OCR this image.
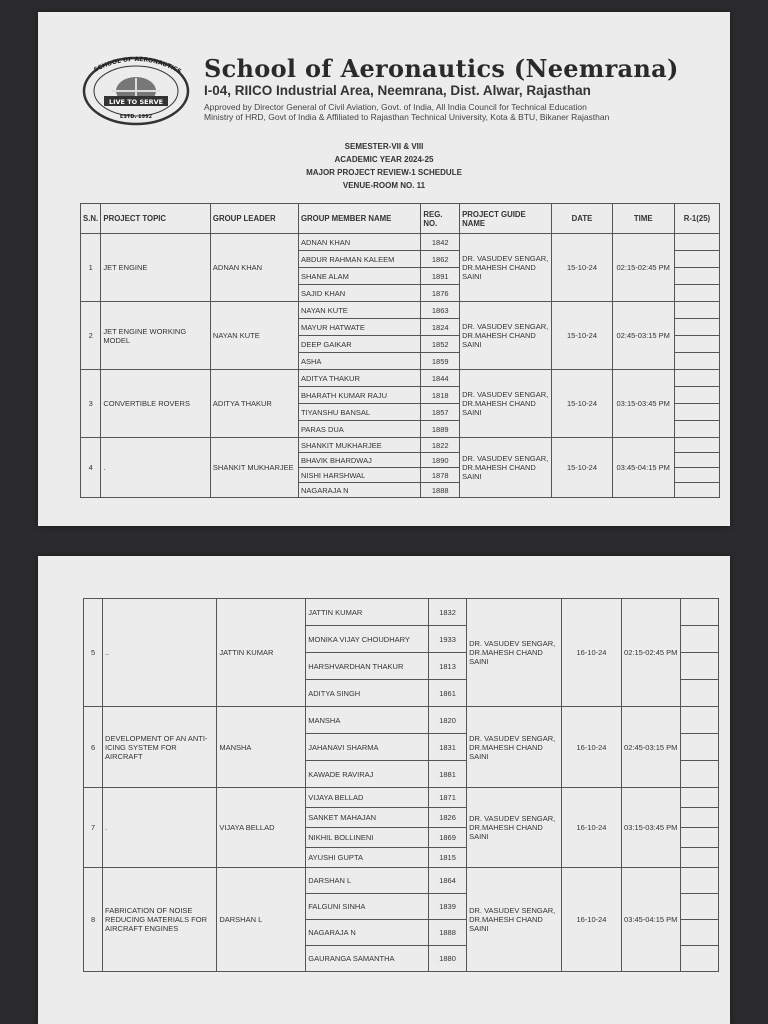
SCHOOL OF AERONAUTICS
LIVE TO SERVE
ESTD. 1992
School of Aeronautics (Neemrana)
I-04, RIICO Industrial Area, Neemrana, Dist. Alwar, Rajasthan
Approved by Director General of Civil Aviation, Govt. of India, All India Council for Technical Education
Ministry of HRD, Govt of India & Affiliated to Rajasthan Technical University, Kota & BTU, Bikaner Rajasthan
SEMESTER-VII & VIII
ACADEMIC YEAR 2024-25
MAJOR PROJECT REVIEW-1 SCHEDULE
VENUE-ROOM NO. 11
S.N.	PROJECT TOPIC	GROUP LEADER	GROUP MEMBER NAME	REG. NO.	PROJECT GUIDE NAME	DATE	TIME	R-1(25)
1	JET ENGINE	ADNAN KHAN	ADNAN KHAN	1842	DR. VASUDEV SENGAR, DR.MAHESH CHAND SAINI	15-10-24	02:15-02:45 PM	
			ABDUR RAHMAN KALEEM	1862				
			SHANE ALAM	1891				
			SAJID KHAN	1876				
2	JET ENGINE WORKING MODEL	NAYAN KUTE	NAYAN KUTE	1863	DR. VASUDEV SENGAR, DR.MAHESH CHAND SAINI	15-10-24	02:45-03:15 PM	
			MAYUR HATWATE	1824				
			DEEP GAIKAR	1852				
			ASHA	1859				
3	CONVERTIBLE ROVERS	ADITYA THAKUR	ADITYA THAKUR	1844	DR. VASUDEV SENGAR, DR.MAHESH CHAND SAINI	15-10-24	03:15-03:45 PM	
			BHARATH KUMAR RAJU	1818				
			TIYANSHU BANSAL	1857				
			PARAS DUA	1889				
4	.	SHANKIT MUKHARJEE	SHANKIT MUKHARJEE	1822	DR. VASUDEV SENGAR, DR.MAHESH CHAND SAINI	15-10-24	03:45-04:15 PM	
			BHAVIK BHARDWAJ	1890				
			NISHI HARSHWAL	1878				
			NAGARAJA N	1888				
5	..	JATTIN KUMAR	JATTIN KUMAR	1832	DR. VASUDEV SENGAR, DR.MAHESH CHAND SAINI	16-10-24	02:15-02:45 PM	
			MONIKA VIJAY CHOUDHARY	1933				
			HARSHVARDHAN THAKUR	1813				
			ADITYA SINGH	1861				
6	DEVELOPMENT OF AN ANTI-ICING SYSTEM FOR AIRCRAFT	MANSHA	MANSHA	1820	DR. VASUDEV SENGAR, DR.MAHESH CHAND SAINI	16-10-24	02:45-03:15 PM	
			JAHANAVI SHARMA	1831				
			KAWADE RAVIRAJ	1881				
7	.	VIJAYA BELLAD	VIJAYA BELLAD	1871	DR. VASUDEV SENGAR, DR.MAHESH CHAND SAINI	16-10-24	03:15-03:45 PM	
			SANKET MAHAJAN	1826				
			NIKHIL BOLLINENI	1869				
			AYUSHI GUPTA	1815				
8	FABRICATION OF NOISE REDUCING MATERIALS FOR AIRCRAFT ENGINES	DARSHAN L	DARSHAN L	1864	DR. VASUDEV SENGAR, DR.MAHESH CHAND SAINI	16-10-24	03:45-04:15 PM	
			FALGUNI SINHA	1839				
			NAGARAJA N	1888				
			GAURANGA SAMANTHA	1880				
